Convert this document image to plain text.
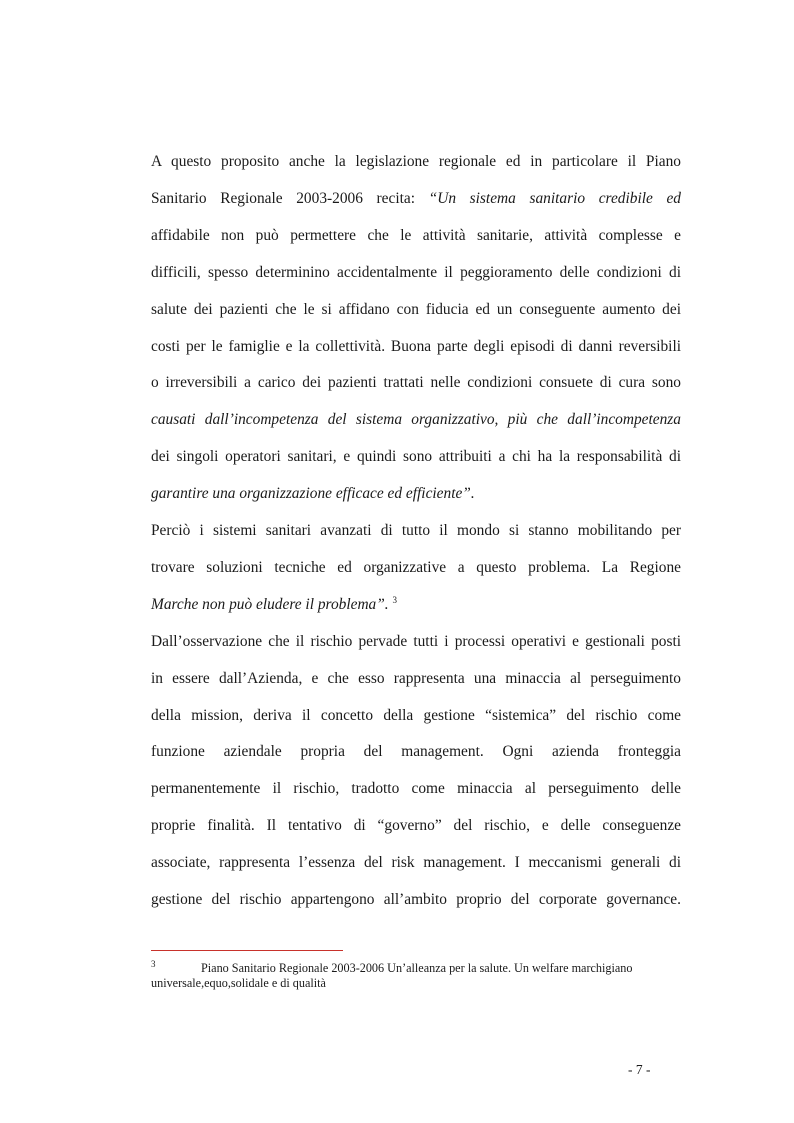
A questo proposito anche la legislazione regionale ed in particolare il Piano
Sanitario Regionale 2003-2006 recita: “Un sistema sanitario credibile ed
affidabile non può permettere che le attività sanitarie, attività complesse e
difficili, spesso determinino accidentalmente il peggioramento delle condizioni di
salute dei pazienti che le si affidano con fiducia ed un conseguente aumento dei
costi per le famiglie e la collettività. Buona parte degli episodi di danni reversibili
o irreversibili a carico dei pazienti trattati nelle condizioni consuete di cura sono
causati dall’incompetenza del sistema organizzativo, più che dall’incompetenza
dei singoli operatori sanitari, e quindi sono attribuiti a chi ha la responsabilità di
garantire una organizzazione efficace ed efficiente”.
Perciò i sistemi sanitari avanzati di tutto il mondo si stanno mobilitando per
trovare soluzioni tecniche ed organizzative a questo problema. La Regione
Marche non può eludere il problema”. $^3$
Dall’osservazione che il rischio pervade tutti i processi operativi e gestionali posti
in essere dall’Azienda, e che esso rappresenta una minaccia al perseguimento
della mission, deriva il concetto della gestione “sistemica” del rischio come
funzione aziendale propria del management. Ogni azienda fronteggia
permanentemente il rischio, tradotto come minaccia al perseguimento delle
proprie finalità. Il tentativo di “governo” del rischio, e delle conseguenze
associate, rappresenta l’essenza del risk management. I meccanismi generali di
gestione del rischio appartengono all’ambito proprio del corporate governance.
3	Piano Sanitario Regionale 2003-2006 Un’alleanza per la salute. Un welfare marchigiano
universale,equo,solidale e di qualità
- 7 -
